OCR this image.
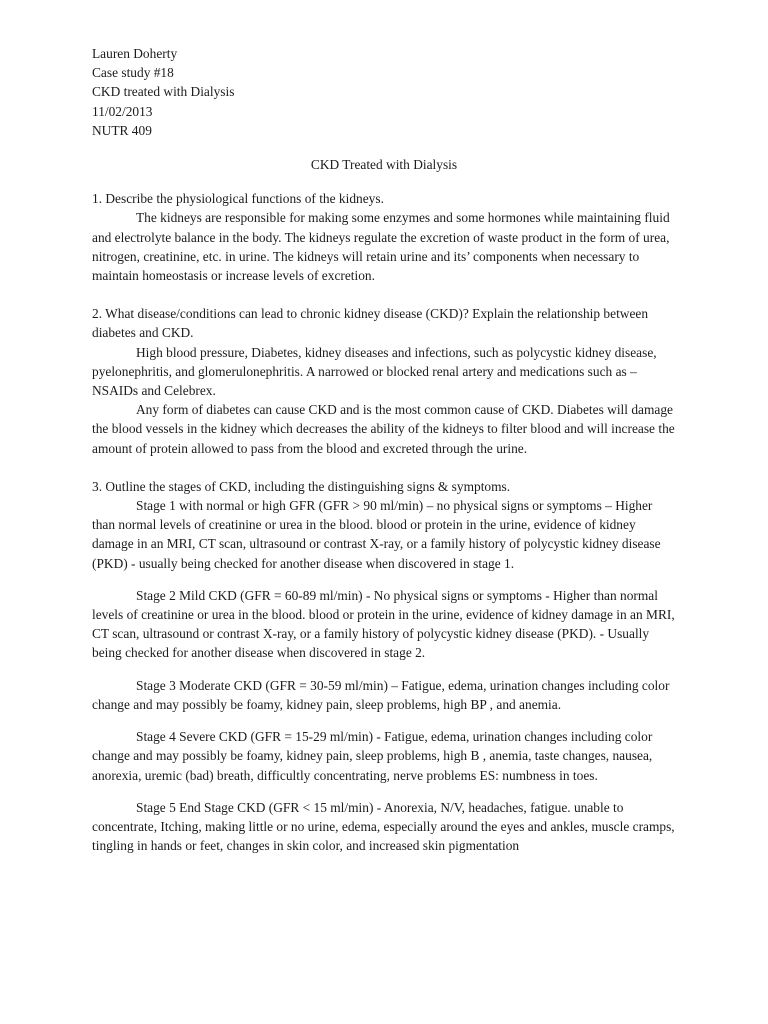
Lauren Doherty

Case study #18

CKD treated with Dialysis

11/02/2013

NUTR 409

CKD Treated with Dialysis

1. Describe the physiological functions of the kidneys.

The kidneys are responsible for making some enzymes and some hormones while maintaining fluid and electrolyte balance in the body. The kidneys regulate the excretion of waste product in the form of urea, nitrogen, creatinine, etc. in urine. The kidneys will retain urine and its’ components when necessary to maintain homeostasis or increase levels of excretion.

2. What disease/conditions can lead to chronic kidney disease (CKD)? Explain the relationship between diabetes and CKD.

High blood pressure, Diabetes, kidney diseases and infections, such as polycystic kidney disease, pyelonephritis, and glomerulonephritis. A narrowed or blocked renal artery and medications such as – NSAIDs and Celebrex.

Any form of diabetes can cause CKD and is the most common cause of CKD. Diabetes will damage the blood vessels in the kidney which decreases the ability of the kidneys to filter blood and will increase the amount of protein allowed to pass from the blood and excreted through the urine.

3. Outline the stages of CKD, including the distinguishing signs & symptoms.

Stage 1 with normal or high GFR (GFR > 90 ml/min) – no physical signs or symptoms – Higher than normal levels of creatinine or urea in the blood. blood or protein in the urine, evidence of kidney damage in an MRI, CT scan, ultrasound or contrast X-ray, or a family history of polycystic kidney disease (PKD) - usually being checked for another disease when discovered in stage 1.

Stage 2 Mild CKD (GFR = 60-89 ml/min) - No physical signs or symptoms - Higher than normal levels of creatinine or urea in the blood. blood or protein in the urine, evidence of kidney damage in an MRI, CT scan, ultrasound or contrast X-ray, or a family history of polycystic kidney disease (PKD). - Usually being checked for another disease when discovered in stage 2.

Stage 3 Moderate CKD (GFR = 30-59 ml/min) – Fatigue, edema, urination changes including color change and may possibly be foamy, kidney pain, sleep problems, high BP , and anemia.

Stage 4 Severe CKD (GFR = 15-29 ml/min) - Fatigue, edema, urination changes including color change and may possibly be foamy, kidney pain, sleep problems, high B , anemia, taste changes, nausea, anorexia, uremic (bad) breath, difficultly concentrating, nerve problems ES: numbness in toes.

Stage 5 End Stage CKD (GFR < 15 ml/min) - Anorexia, N/V, headaches, fatigue. unable to concentrate, Itching, making little or no urine, edema, especially around the eyes and ankles, muscle cramps, tingling in hands or feet, changes in skin color, and increased skin pigmentation
